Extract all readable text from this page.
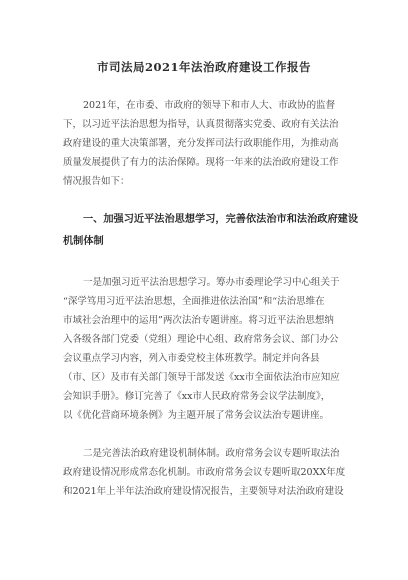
市司法局2021年法治政府建设工作报告
2021年，在市委、市政府的领导下和市人大、市政协的监督
下，以习近平法治思想为指导，认真贯彻落实党委、政府有关法治
政府建设的重大决策部署，充分发挥司法行政职能作用，为推动高
质量发展提供了有力的法治保障。现将一年来的法治政府建设工作
情况报告如下：
一、加强习近平法治思想学习，完善依法治市和法治政府建设
机制体制
一是加强习近平法治思想学习。筹办市委理论学习中心组关于
“深学笃用习近平法治思想，全面推进依法治国”和“法治思维在
市域社会治理中的运用”两次法治专题讲座。将习近平法治思想纳
入各级各部门党委（党组）理论中心组、政府常务会议、部门办公
会议重点学习内容，列入市委党校主体班教学。制定并向各县
（市、区）及市有关部门领导干部发送《xx市全面依法治市应知应
会知识手册》。修订完善了《xx市人民政府常务会议学法制度》，
以《优化营商环境条例》为主题开展了常务会议法治专题讲座。
二是完善法治政府建设机制体制。政府常务会议专题听取法治
政府建设情况形成常态化机制。市政府常务会议专题听取20XX年度
和2021年上半年法治政府建设情况报告，主要领导对法治政府建设
